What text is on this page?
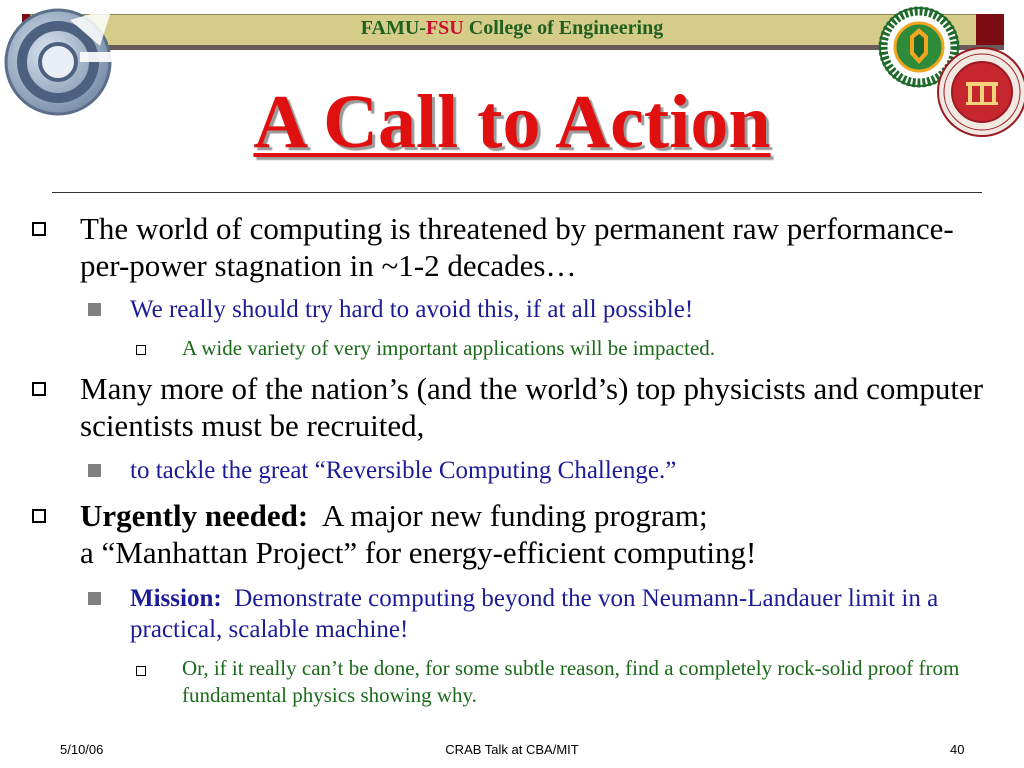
FAMU-FSU College of Engineering
A Call to Action
The world of computing is threatened by permanent raw performance-per-power stagnation in ~1-2 decades…
We really should try hard to avoid this, if at all possible!
A wide variety of very important applications will be impacted.
Many more of the nation’s (and the world’s) top physicists and computer scientists must be recruited,
to tackle the great “Reversible Computing Challenge.”
Urgently needed: A major new funding program;
a “Manhattan Project” for energy-efficient computing!
Mission: Demonstrate computing beyond the von Neumann-Landauer limit in a practical, scalable machine!
Or, if it really can’t be done, for some subtle reason, find a completely rock-solid proof from fundamental physics showing why.
5/10/06	CRAB Talk at CBA/MIT	40
